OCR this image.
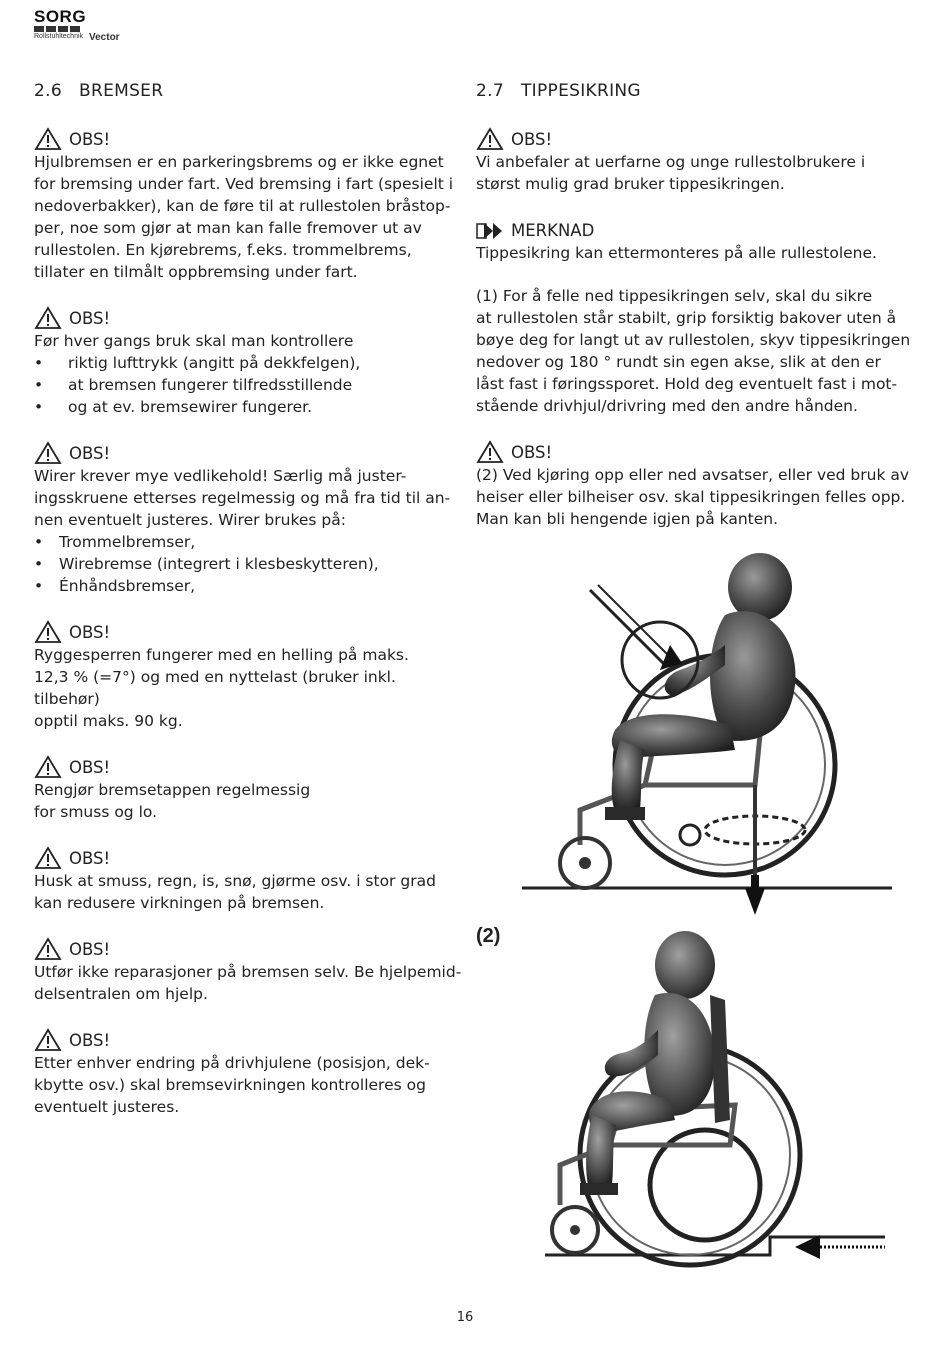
SORG
Rollstuhltechnik Vector
2.6 BREMSER
OBS!

Hjulbremsen er en parkeringsbrems og er ikke egnet
for bremsing under fart. Ved bremsing i fart (spesielt i
nedoverbakker), kan de føre til at rullestolen bråstop-
per, noe som gjør at man kan falle fremover ut av
rullestolen. En kjørebrems, f.eks. trommelbrems,
tillater en tilmålt oppbremsing under fart.

OBS!

Før hver gangs bruk skal man kontrollere

• riktig lufttrykk (angitt på dekkfelgen),
• at bremsen fungerer tilfredsstillende
• og at ev. bremsewirer fungerer.
OBS!

Wirer krever mye vedlikehold! Særlig må juster-
ingsskruene etterses regelmessig og må fra tid til an-
nen eventuelt justeres. Wirer brukes på:

• Trommelbremser,
• Wirebremse (integrert i klesbeskytteren),
• Énhåndsbremser,
OBS!

Ryggesperren fungerer med en helling på maks.
12,3 % (=7°) og med en nyttelast (bruker inkl. tilbehør)
opptil maks. 90 kg.

OBS!

Rengjør bremsetappen regelmessig
for smuss og lo.

OBS!

Husk at smuss, regn, is, snø, gjørme osv. i stor grad
kan redusere virkningen på bremsen.

OBS!

Utfør ikke reparasjoner på bremsen selv. Be hjelpemid-
delsentralen om hjelp.

OBS!

Etter enhver endring på drivhjulene (posisjon, dek-
kbytte osv.) skal bremsevirkningen kontrolleres og
eventuelt justeres.

2.7 TIPPESIKRING
OBS!

Vi anbefaler at uerfarne og unge rullestolbrukere i
størst mulig grad bruker tippesikringen.

MERKNAD

Tippesikring kan ettermonteres på alle rullestolene.

(1) For å felle ned tippesikringen selv, skal du sikre
at rullestolen står stabilt, grip forsiktig bakover uten å
bøye deg for langt ut av rullestolen, skyv tippesikringen
nedover og 180 ° rundt sin egen akse, slik at den er
låst fast i føringssporet. Hold deg eventuelt fast i mot-
stående drivhjul/drivring med den andre hånden.

OBS!

(2) Ved kjøring opp eller ned avsatser, eller ved bruk av
heiser eller bilheiser osv. skal tippesikringen felles opp.
Man kan bli hengende igjen på kanten.

(2)
16
